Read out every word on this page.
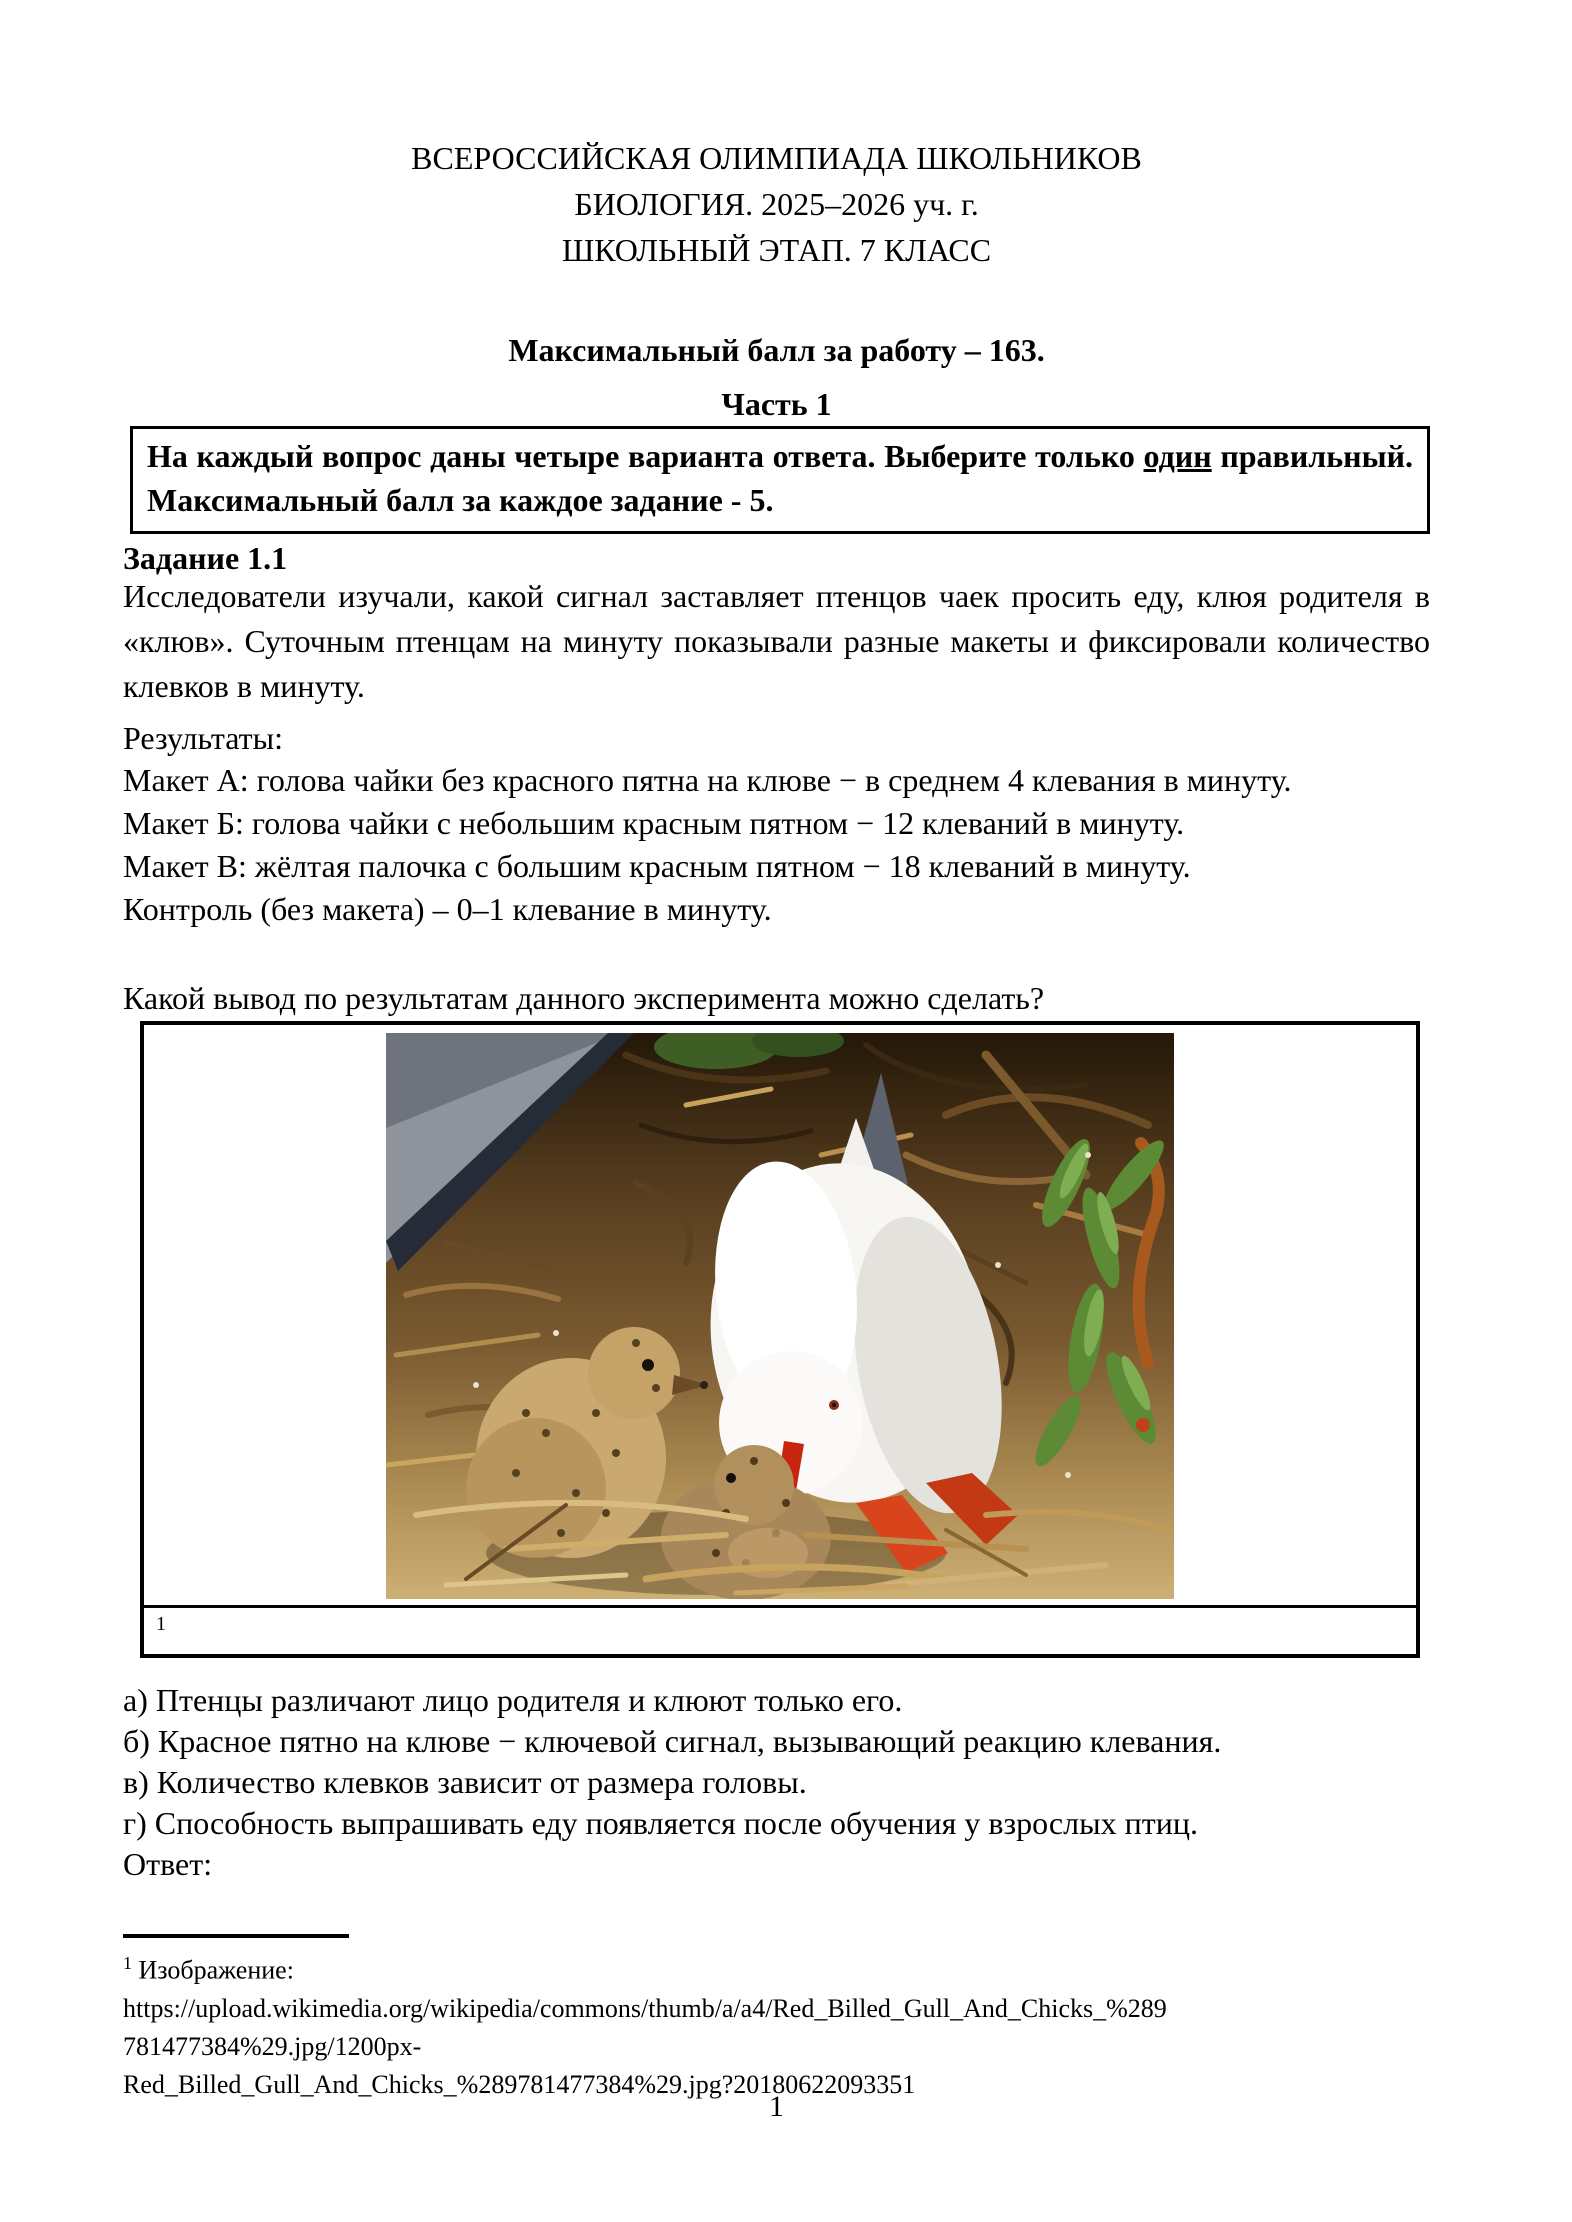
ВСЕРОССИЙСКАЯ ОЛИМПИАДА ШКОЛЬНИКОВ

БИОЛОГИЯ. 2025–2026 уч. г.

ШКОЛЬНЫЙ ЭТАП. 7 КЛАСС

Максимальный балл за работу – 163.
Часть 1
На каждый вопрос даны четыре варианта ответа. Выберите только один правильный. Максимальный балл за каждое задание - 5.
Задание 1.1
Исследователи изучали, какой сигнал заставляет птенцов чаек просить еду, клюя родителя в «клюв». Суточным птенцам на минуту показывали разные макеты и фиксировали количество клевков в минуту.
Результаты:

Макет А: голова чайки без красного пятна на клюве − в среднем 4 клевания в минуту.

Макет Б: голова чайки с небольшим красным пятном − 12 клеваний в минуту.

Макет В: жёлтая палочка с большим красным пятном − 18 клеваний в минуту.

Контроль (без макета) – 0–1 клевание в минуту.

Какой вывод по результатам данного эксперимента можно сделать?
1

а) Птенцы различают лицо родителя и клюют только его.

б) Красное пятно на клюве − ключевой сигнал, вызывающий реакцию клевания.

в) Количество клевков зависит от размера головы.

г) Способность выпрашивать еду появляется после обучения у взрослых птиц.

Ответ:

$^1$ Изображение:

https://upload.wikimedia.org/wikipedia/commons/thumb/a/a4/Red_Billed_Gull_And_Chicks_%289

781477384%29.jpg/1200px-

Red_Billed_Gull_And_Chicks_%289781477384%29.jpg?20180622093351

1
